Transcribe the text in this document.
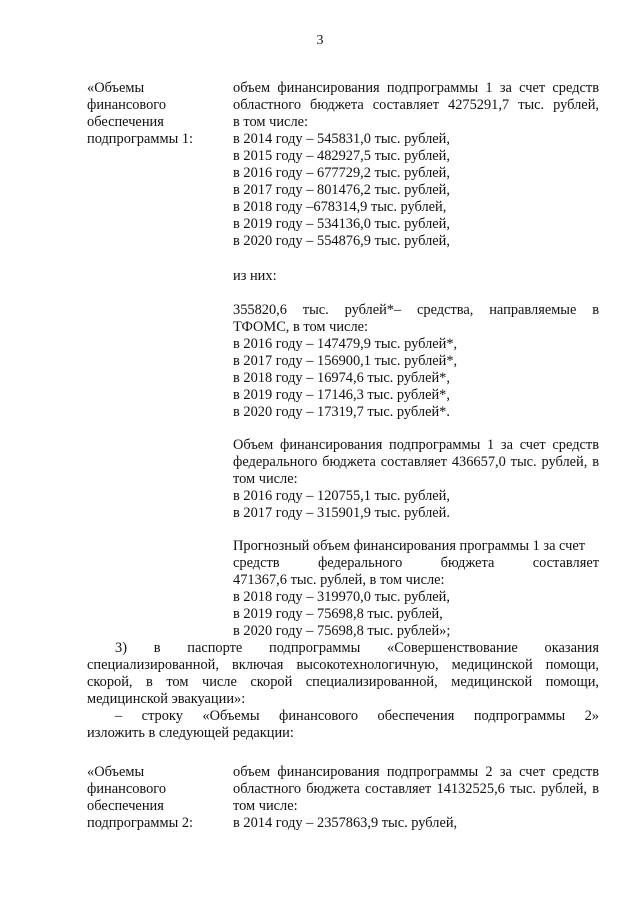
3
«Объемы
финансового
обеспечения
подпрограммы 1:
объем финансирования подпрограммы 1 за счет средств
областного бюджета составляет 4275291,7 тыс. рублей,
в том числе:
в 2014 году – 545831,0 тыс. рублей,
в 2015 году – 482927,5 тыс. рублей,
в 2016 году – 677729,2 тыс. рублей,
в 2017 году – 801476,2 тыс. рублей,
в 2018 году –678314,9 тыс. рублей,
в 2019 году – 534136,0 тыс. рублей,
в 2020 году – 554876,9 тыс. рублей,
из них:
355820,6 тыс. рублей*– средства, направляемые в
ТФОМС, в том числе:
в 2016 году – 147479,9 тыс. рублей*,
в 2017 году – 156900,1 тыс. рублей*,
в 2018 году – 16974,6 тыс. рублей*,
в 2019 году – 17146,3 тыс. рублей*,
в 2020 году – 17319,7 тыс. рублей*.
Объем финансирования подпрограммы 1 за счет средств
федерального бюджета составляет 436657,0 тыс. рублей, в
том числе:
в 2016 году – 120755,1 тыс. рублей,
в 2017 году – 315901,9 тыс. рублей.
Прогнозный объем финансирования программы 1 за счет
средств федерального бюджета составляет
471367,6 тыс. рублей, в том числе:
в 2018 году – 319970,0 тыс. рублей,
в 2019 году – 75698,8 тыс. рублей,
в 2020 году – 75698,8 тыс. рублей»;
3) в паспорте подпрограммы «Совершенствование оказания
специализированной, включая высокотехнологичную, медицинской помощи,
скорой, в том числе скорой специализированной, медицинской помощи,
медицинской эвакуации»:
– строку «Объемы финансового обеспечения подпрограммы 2»
изложить в следующей редакции:
«Объемы
финансового
обеспечения
подпрограммы 2:
объем финансирования подпрограммы 2 за счет средств
областного бюджета составляет 14132525,6 тыс. рублей, в
том числе:
в 2014 году – 2357863,9 тыс. рублей,
